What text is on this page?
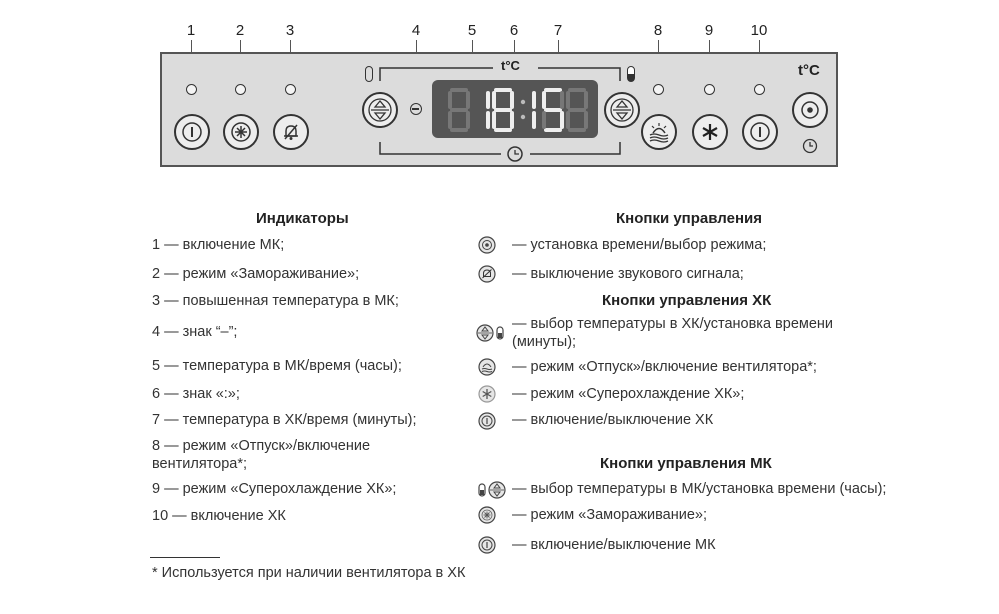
1	2	3	4	5	6	7	8	9	10
t°C	t°C
Индикаторы
1 — включение МК;
2 — режим «Замораживание»;
3 — повышенная температура в МК;
4 — знак “–”;
5 — температура в МК/время (часы);
6 — знак «:»;
7 — температура в ХК/время (минуты);
8 — режим «Отпуск»/включение
вентилятора*;
9 — режим «Суперохлаждение ХК»;
10 — включение ХК
* Используется при наличии вентилятора в ХК
Кнопки управления
— установка времени/выбор режима;
— выключение звукового сигнала;
Кнопки управления ХК
— выбор температуры в ХК/установка времени
(минуты);
— режим «Отпуск»/включение вентилятора*;
— режим «Суперохлаждение ХК»;
— включение/выключение ХК
Кнопки управления МК
— выбор температуры в МК/установка времени (часы);
— режим «Замораживание»;
— включение/выключение МК
